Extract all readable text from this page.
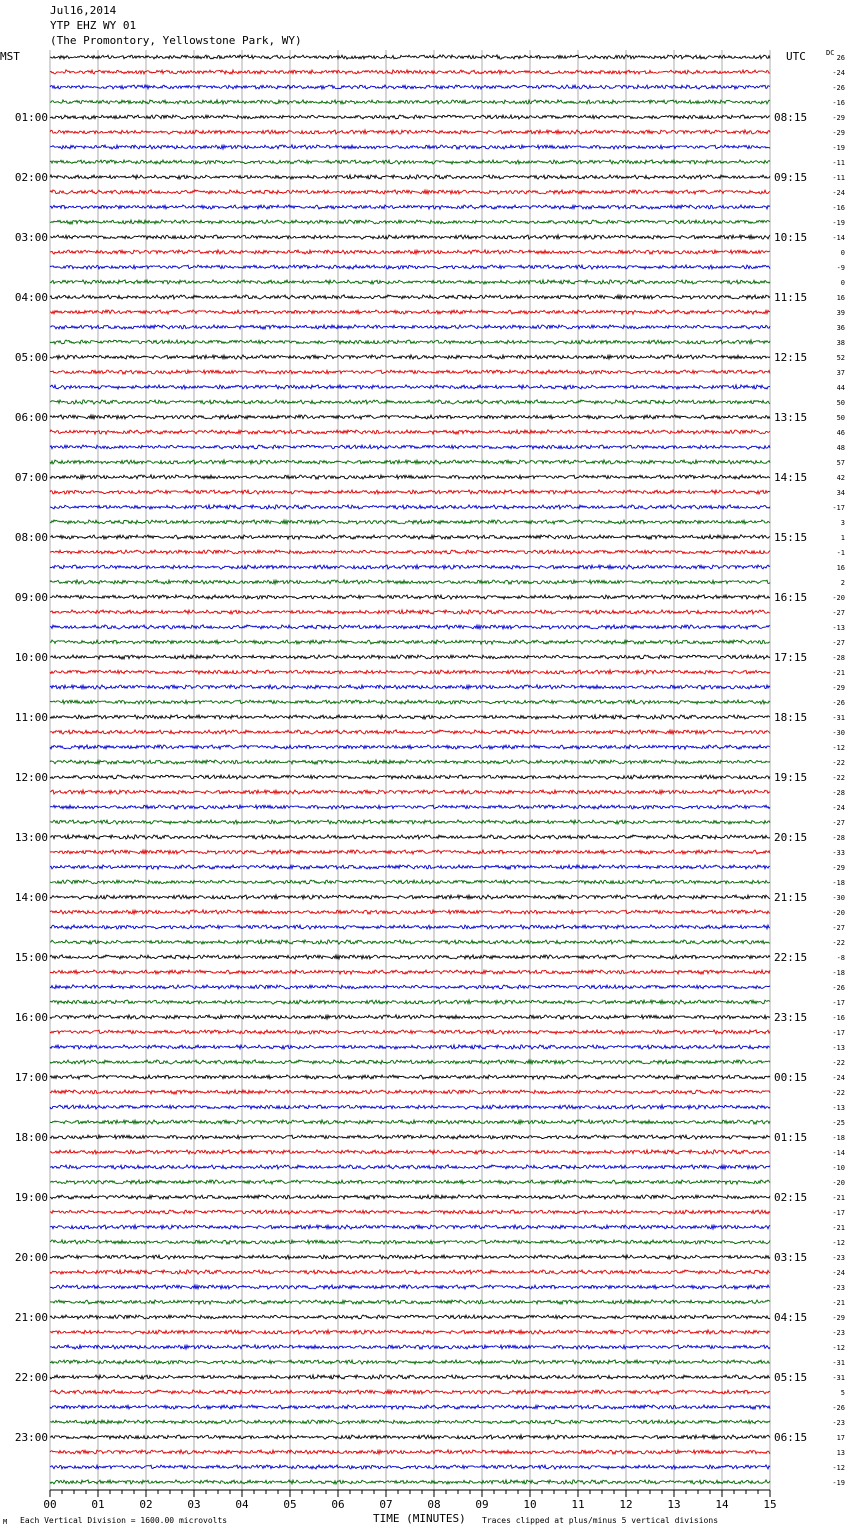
Jul16,2014
YTP EHZ WY 01
(The Promontory, Yellowstone Park, WY)
MST	UTC	DC
26
-24
-26
-16
-29
01:00	08:15
-29
-19
-11
-11
02:00	09:15
-24
-16
-19
-14
03:00	10:15
0
-9
0
16
04:00	11:15
39
36
38
52
05:00	12:15
37
44
50
50
06:00	13:15
46
48
57
42
07:00	14:15
34
-17
3
1
08:00	15:15
-1
16
2
-20
09:00	16:15
-27
-13
-27
-28
10:00	17:15
-21
-29
-26
-31
11:00	18:15
-30
-12
-22
-22
12:00	19:15
-28
-24
-27
-28
13:00	20:15
-33
-29
-18
-30
14:00	21:15
-20
-27
-22
-8
15:00	22:15
-18
-26
-17
-16
16:00	23:15
-17
-13
-22
-24
17:00	00:15
-22
-13
-25
-18
18:00	01:15
-14
-10
-20
-21
19:00	02:15
-17
-21
-12
-23
20:00	03:15
-24
-23
-21
-29
21:00	04:15
-23
-12
-31
-31
22:00	05:15
5
-26
-23
17
23:00	06:15
13
-12
-19
00	01	02	03	04	05	06	07	08	09	10	11	12	13	14	15
TIME (MINUTES)
M Each Vertical Division = 1600.00 microvolts	Traces clipped at plus/minus 5 vertical divisions
